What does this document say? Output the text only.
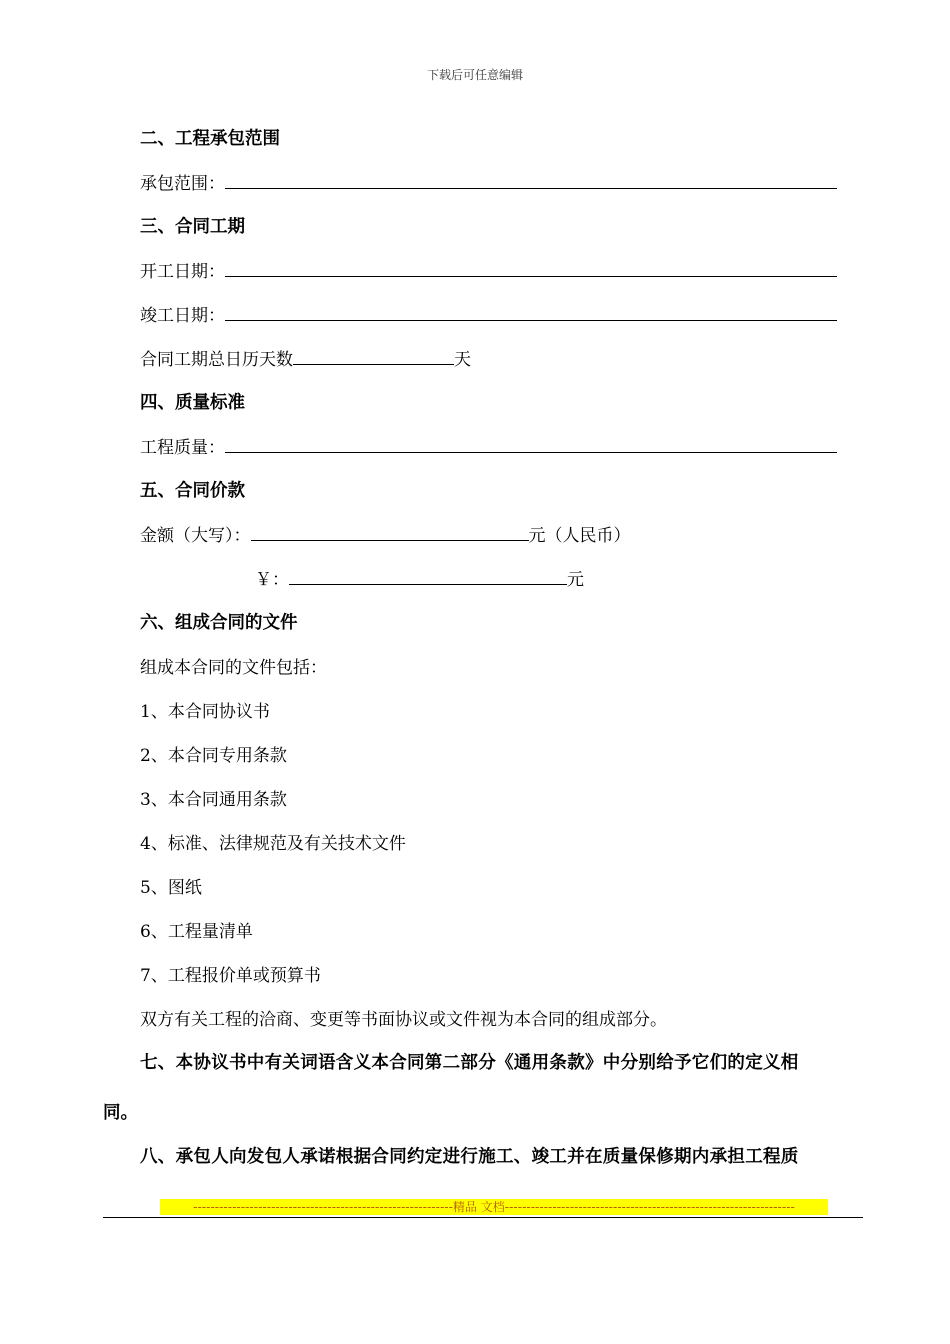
下载后可任意编辑
二、工程承包范围
承包范围：
三、合同工期
开工日期：
竣工日期：
合同工期总日历天数	天
四、质量标准
工程质量：
五、合同价款
金额（大写）：	元（人民币）
￥：	元
六、组成合同的文件
组成本合同的文件包括：
1、本合同协议书
2、本合同专用条款
3、本合同通用条款
4、标准、法律规范及有关技术文件
5、图纸
6、工程量清单
7、工程报价单或预算书
双方有关工程的洽商、变更等书面协议或文件视为本合同的组成部分。
七、本协议书中有关词语含义本合同第二部分《通用条款》中分别给予它们的定义相
同。
八、承包人向发包人承诺根据合同约定进行施工、竣工并在质量保修期内承担工程质
------------------------------------------------------------精品 文档-------------------------------------------------------------------
